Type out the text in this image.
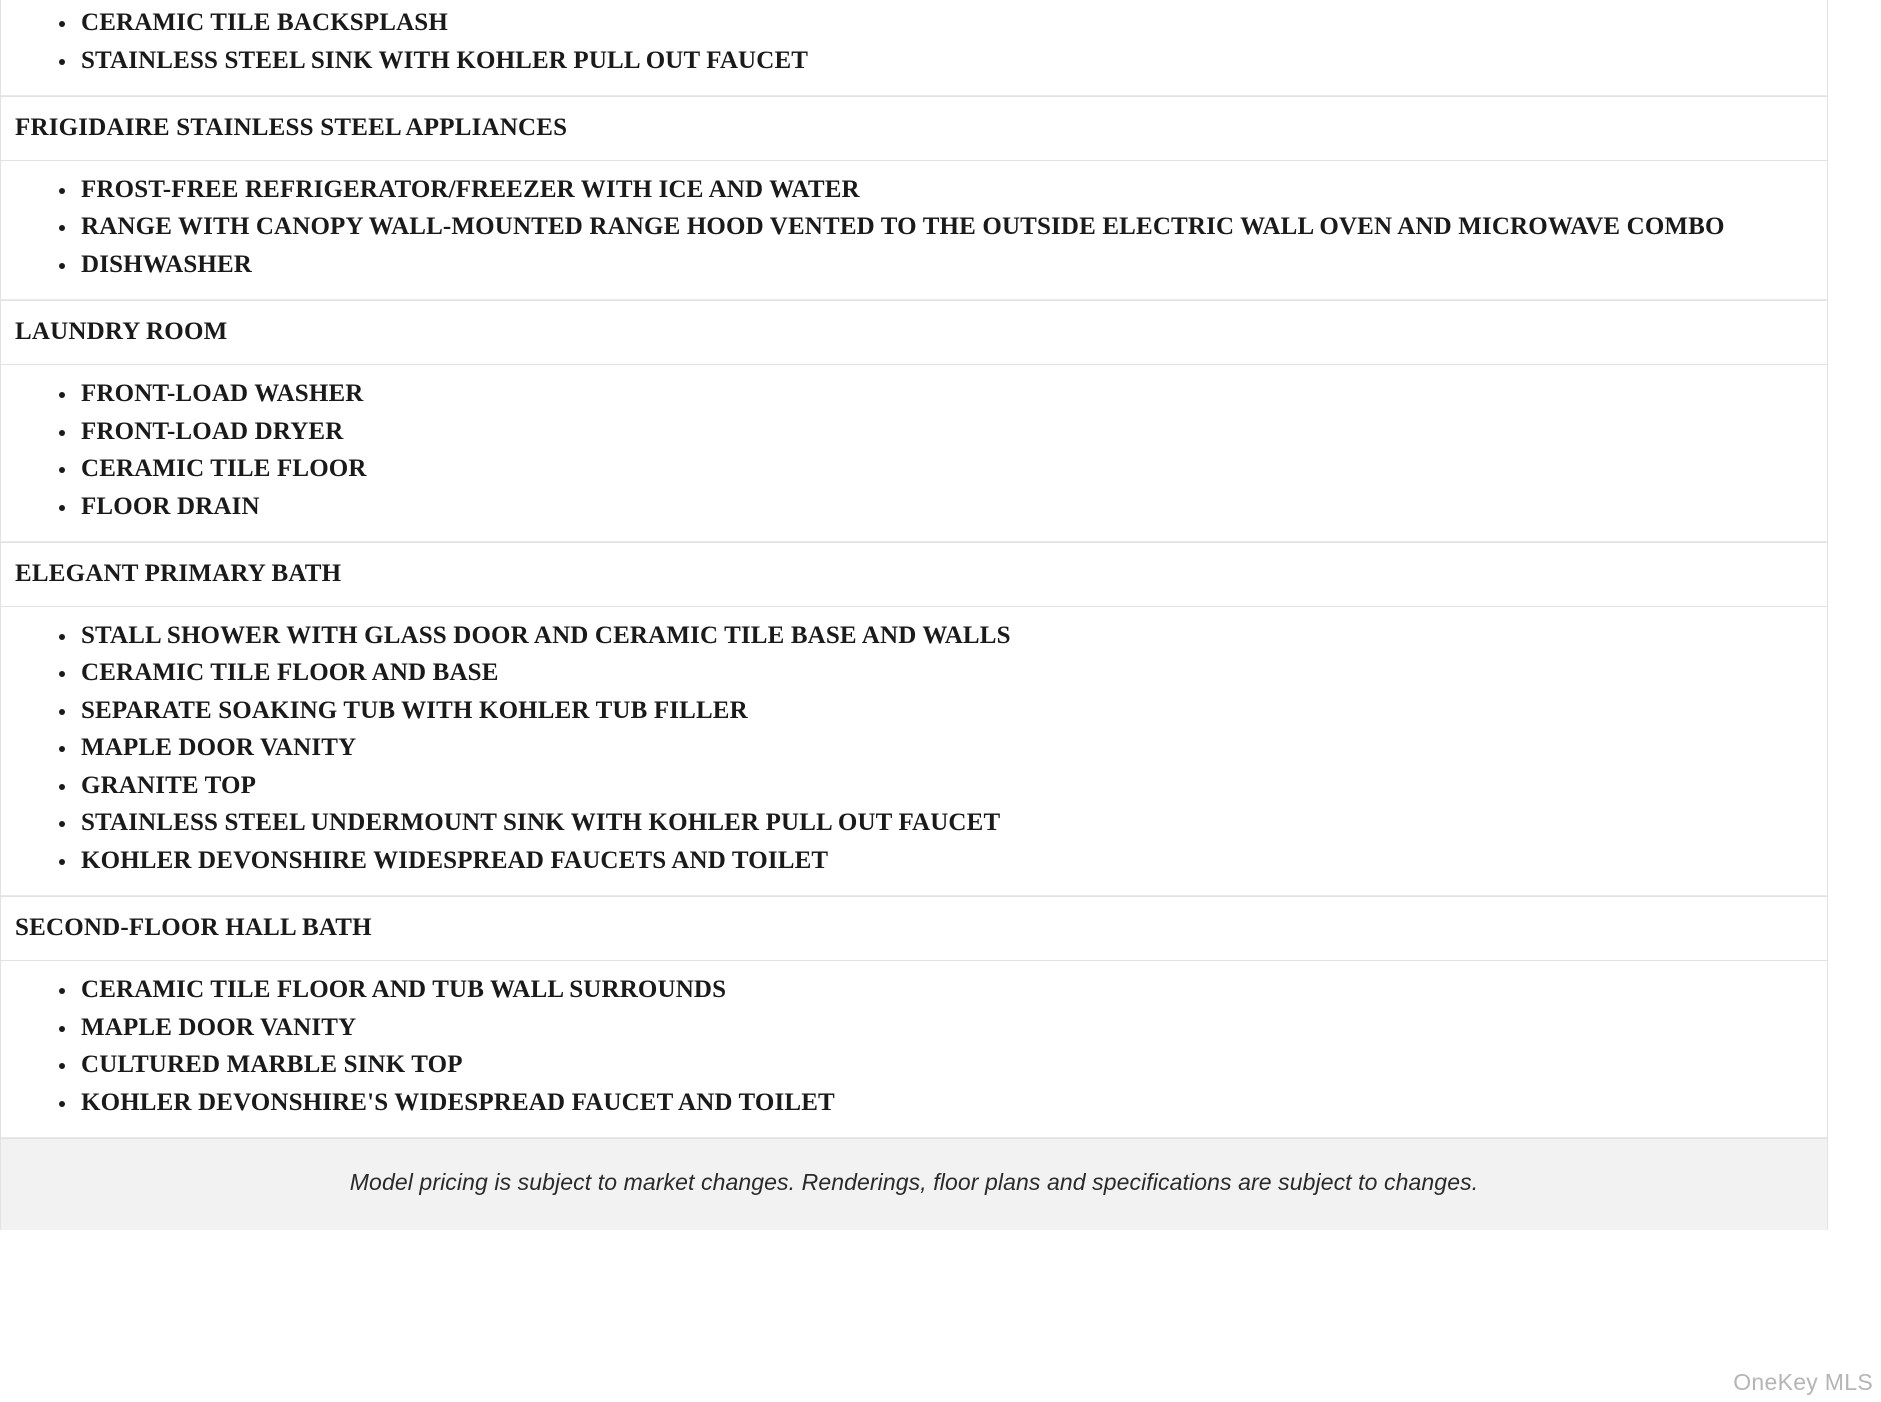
CERAMIC TILE BACKSPLASH
STAINLESS STEEL SINK WITH KOHLER PULL OUT FAUCET
FRIGIDAIRE STAINLESS STEEL APPLIANCES
FROST-FREE REFRIGERATOR/FREEZER WITH ICE AND WATER
RANGE WITH CANOPY WALL-MOUNTED RANGE HOOD VENTED TO THE OUTSIDE ELECTRIC WALL OVEN AND MICROWAVE COMBO
DISHWASHER
LAUNDRY ROOM
FRONT-LOAD WASHER
FRONT-LOAD DRYER
CERAMIC TILE FLOOR
FLOOR DRAIN
ELEGANT PRIMARY BATH
STALL SHOWER WITH GLASS DOOR AND CERAMIC TILE BASE AND WALLS
CERAMIC TILE FLOOR AND BASE
SEPARATE SOAKING TUB WITH KOHLER TUB FILLER
MAPLE DOOR VANITY
GRANITE TOP
STAINLESS STEEL UNDERMOUNT SINK WITH KOHLER PULL OUT FAUCET
KOHLER DEVONSHIRE WIDESPREAD FAUCETS AND TOILET
SECOND-FLOOR HALL BATH
CERAMIC TILE FLOOR AND TUB WALL SURROUNDS
MAPLE DOOR VANITY
CULTURED MARBLE SINK TOP
KOHLER DEVONSHIRE'S WIDESPREAD FAUCET AND TOILET
Model pricing is subject to market changes. Renderings, floor plans and specifications are subject to changes.
OneKey MLS
